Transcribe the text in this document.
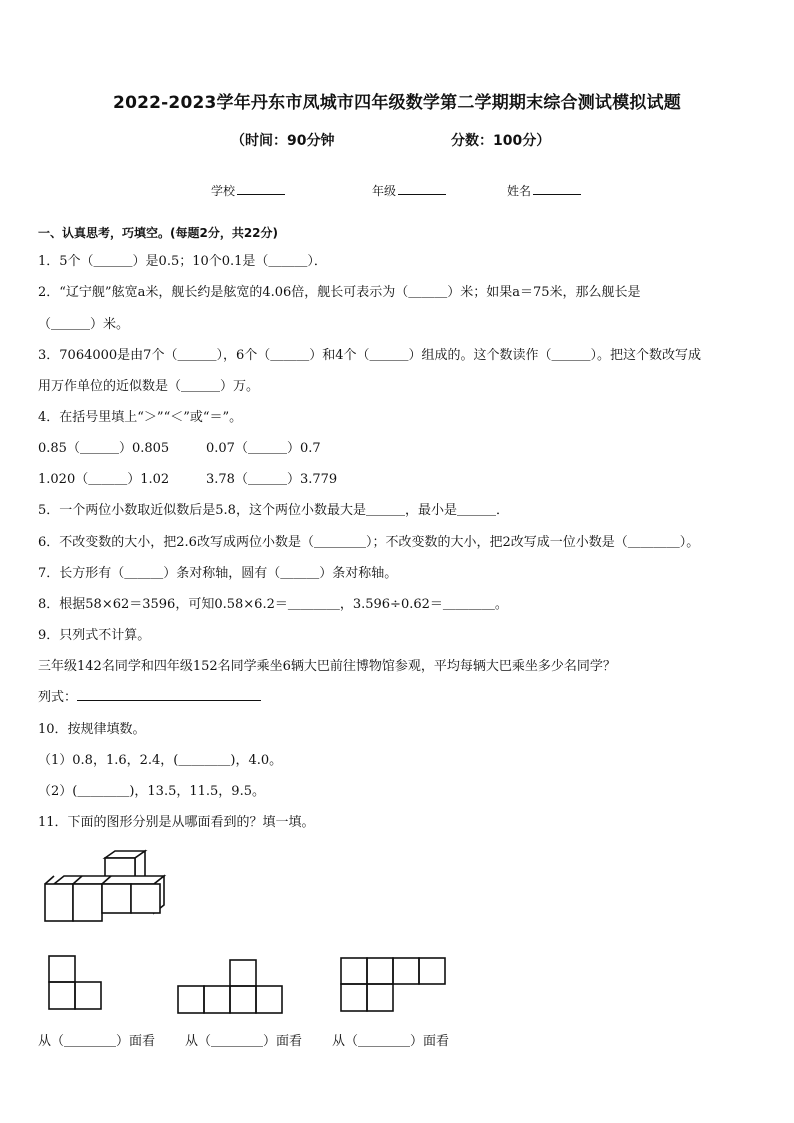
2022-2023学年丹东市凤城市四年级数学第二学期期末综合测试模拟试题
（时间：90分钟	分数：100分）
学校	年级	姓名
一、认真思考，巧填空。(每题2分，共22分)
1．5个（＿＿＿）是0.5；10个0.1是（＿＿＿）．
2．“辽宁舰”舷宽a米，舰长约是舷宽的4.06倍，舰长可表示为（＿＿＿）米；如果a＝75米，那么舰长是
（＿＿＿）米。
3．7064000是由7个（＿＿＿），6个（＿＿＿）和4个（＿＿＿）组成的。这个数读作（＿＿＿）。把这个数改写成
用万作单位的近似数是（＿＿＿）万。
4．在括号里填上“＞”“＜”或“＝”。
0.85（＿＿＿）0.805	0.07（＿＿＿）0.7
1.020（＿＿＿）1.02	3.78（＿＿＿）3.779
5．一个两位小数取近似数后是5.8，这个两位小数最大是＿＿＿，最小是＿＿＿．
6．不改变数的大小，把2.6改写成两位小数是（＿＿＿＿）；不改变数的大小，把2改写成一位小数是（＿＿＿＿）。
7．长方形有（＿＿＿）条对称轴，圆有（＿＿＿）条对称轴。
8．根据58×62＝3596，可知0.58×6.2＝＿＿＿＿，3.596÷0.62＝＿＿＿＿。
9．只列式不计算。
三年级142名同学和四年级152名同学乘坐6辆大巴前往博物馆参观，平均每辆大巴乘坐多少名同学？
列式：
10．按规律填数。
（1）0.8，1.6，2.4，(＿＿＿＿)，4.0。
（2）(＿＿＿＿)，13.5，11.5，9.5。
11．下面的图形分别是从哪面看到的？填一填。
从（＿＿＿＿）面看 从（＿＿＿＿）面看 从（＿＿＿＿）面看
